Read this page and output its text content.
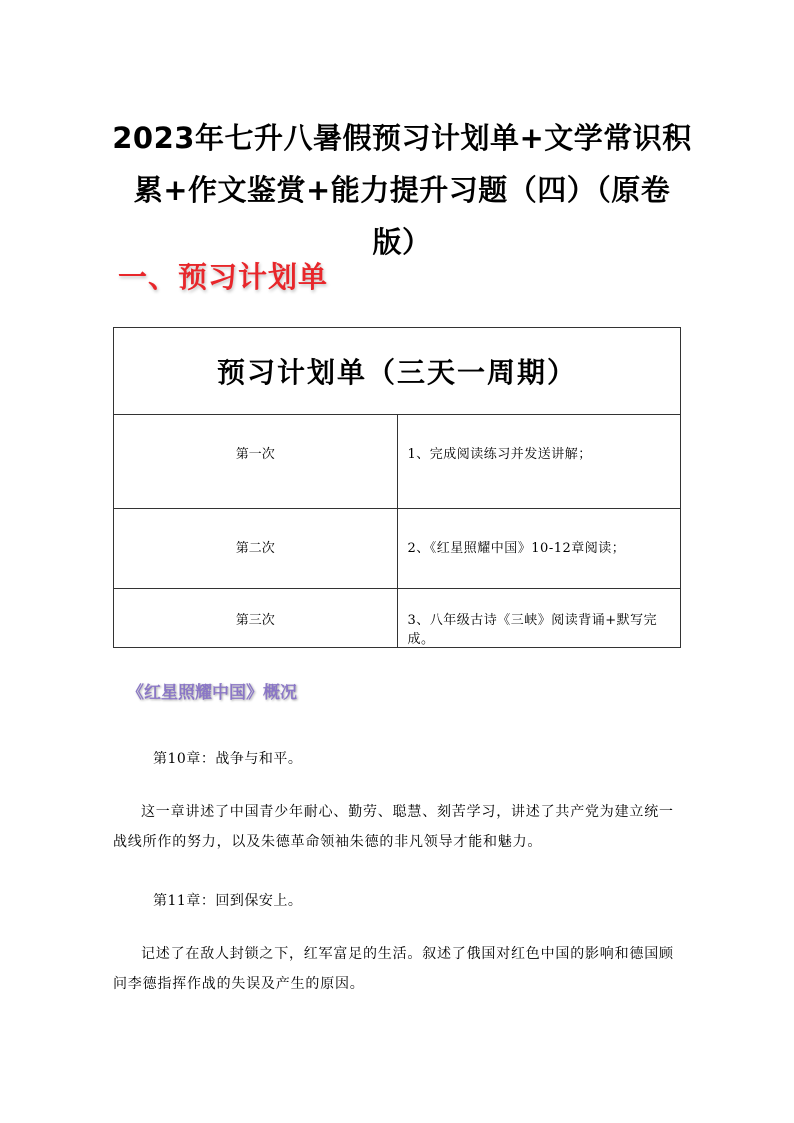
2023年七升八暑假预习计划单+文学常识积累+作文鉴赏+能力提升习题（四）（原卷版）
一、预习计划单
预习计划单（三天一周期）	
第一次	1、完成阅读练习并发送讲解；
第二次	2、《红星照耀中国》10-12章阅读；
第三次	3、八年级古诗《三峡》阅读背诵+默写完成。
《红星照耀中国》概况
第10章：战争与和平。
这一章讲述了中国青少年耐心、勤劳、聪慧、刻苦学习，讲述了共产党为建立统一战线所作的努力，以及朱德革命领袖朱德的非凡领导才能和魅力。
第11章：回到保安上。
记述了在敌人封锁之下，红军富足的生活。叙述了俄国对红色中国的影响和德国顾问李德指挥作战的失误及产生的原因。
